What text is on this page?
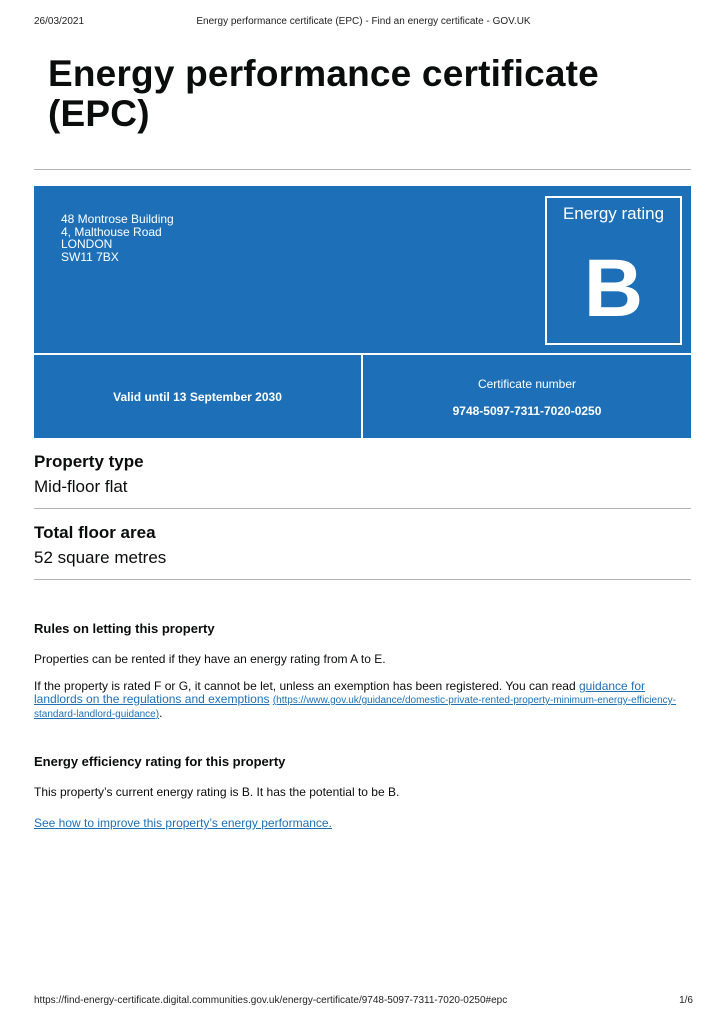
26/03/2021	Energy performance certificate (EPC) - Find an energy certificate - GOV.UK
Energy performance certificate
(EPC)
48 Montrose Building
4, Malthouse Road
LONDON
SW11 7BX
Energy rating
B
Valid until 13 September 2030
Certificate number
9748-5097-7311-7020-0250
Property type
Mid-floor flat
Total floor area
52 square metres
Rules on letting this property
Properties can be rented if they have an energy rating from A to E.
If the property is rated F or G, it cannot be let, unless an exemption has been registered. You can read guidance for landlords on the regulations and exemptions (https://www.gov.uk/guidance/domestic-private-rented-property-minimum-energy-efficiency-standard-landlord-guidance).
Energy efficiency rating for this property
This property’s current energy rating is B. It has the potential to be B.
See how to improve this property’s energy performance.
https://find-energy-certificate.digital.communities.gov.uk/energy-certificate/9748-5097-7311-7020-0250#epc	1/6
